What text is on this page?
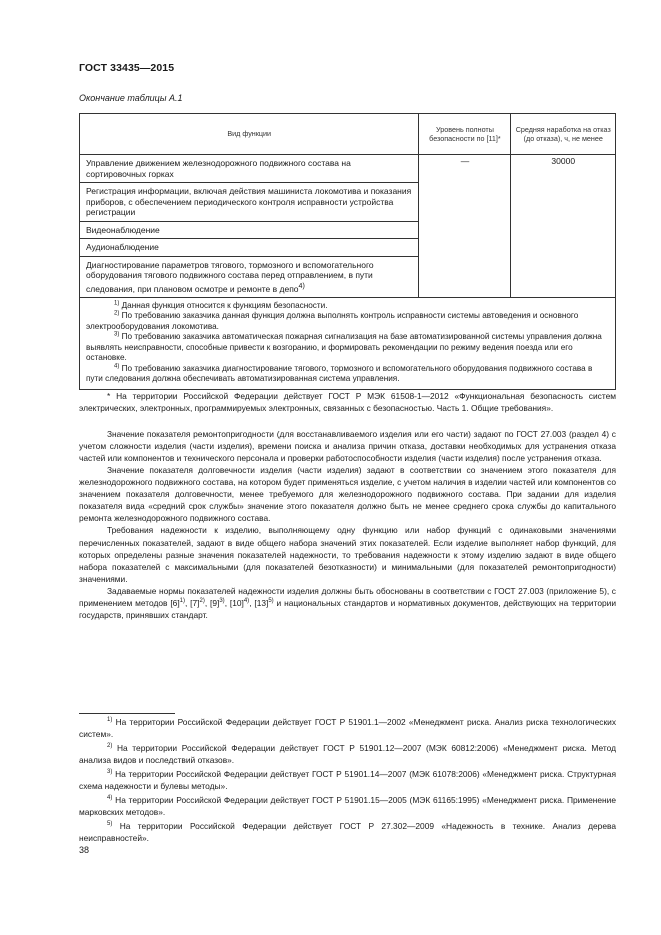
ГОСТ 33435—2015
Окончание таблицы А.1
Вид функции	Уровень полноты безопасности по [11]*	Средняя наработка на отказ (до отказа), ч, не менее
Управление движением железнодорожного подвижного состава на сортировочных горках	—	30000
Регистрация информации, включая действия машиниста локомотива и показания приборов, с обеспечением периодического контроля исправности устройства регистрации		
Видеонаблюдение		
Аудионаблюдение		
Диагностирование параметров тягового, тормозного и вспомогательного оборудования тягового подвижного состава перед отправлением, в пути следования, при плановом осмотре и ремонте в депо$^{4)}$

$^{1)}$ Данная функция относится к функциям безопасности.
$^{2)}$ По требованию заказчика данная функция должна выполнять контроль исправности системы автоведения и основного электрооборудования локомотива.
$^{3)}$ По требованию заказчика автоматическая пожарная сигнализация на базе автоматизированной системы управления должна выявлять неисправности, способные привести к возгоранию, и формировать рекомендации по режиму ведения поезда или его остановке.
$^{4)}$ По требованию заказчика диагностирование тягового, тормозного и вспомогательного оборудования подвижного состава в пути следования должна обеспечивать автоматизированная система управления.		

* На территории Российской Федерации действует ГОСТ Р МЭК 61508-1—2012 «Функциональная безопасность систем электрических, электронных, программируемых электронных, связанных с безопасностью. Часть 1. Общие требования».

Значение показателя ремонтопригодности (для восстанавливаемого изделия или его части) задают по ГОСТ 27.003 (раздел 4) с учетом сложности изделия (части изделия), времени поиска и анализа причин отказа, доставки необходимых для устранения отказа частей или компонентов и технического персонала и проверки работоспособности изделия (части изделия) после устранения отказа.

Значение показателя долговечности изделия (части изделия) задают в соответствии со значением этого показателя для железнодорожного подвижного состава, на котором будет применяться изделие, с учетом наличия в изделии частей или компонентов со значением показателя долговечности, менее требуемого для железнодорожного подвижного состава. При задании для изделия показателя вида «средний срок службы» значение этого показателя должно быть не менее среднего срока службы до капитального ремонта железнодорожного подвижного состава.

Требования надежности к изделию, выполняющему одну функцию или набор функций с одинаковыми значениями перечисленных показателей, задают в виде общего набора значений этих показателей. Если изделие выполняет набор функций, для которых определены разные значения показателей надежности, то требования надежности к этому изделию задают в виде общего набора показателей с максимальными (для показателей безотказности) и минимальными (для показателей ремонтопригодности) значениями.

Задаваемые нормы показателей надежности изделия должны быть обоснованы в соответствии с ГОСТ 27.003 (приложение 5), с применением методов $[6]^{1)}$, $[7]^{2)}$, $[9]^{3)}$, $[10]^{4)}$, $[13]^{5)}$ и национальных стандартов и нормативных документов, действующих на территории государств, принявших стандарт.

$^{1)}$ На территории Российской Федерации действует ГОСТ Р 51901.1—2002 «Менеджмент риска. Анализ риска технологических систем».

$^{2)}$ На территории Российской Федерации действует ГОСТ Р 51901.12—2007 (МЭК 60812:2006) «Менеджмент риска. Метод анализа видов и последствий отказов».

$^{3)}$ На территории Российской Федерации действует ГОСТ Р 51901.14—2007 (МЭК 61078:2006) «Менеджмент риска. Структурная схема надежности и булевы методы».

$^{4)}$ На территории Российской Федерации действует ГОСТ Р 51901.15—2005 (МЭК 61165:1995) «Менеджмент риска. Применение марковских методов».

$^{5)}$ На территории Российской Федерации действует ГОСТ Р 27.302—2009 «Надежность в технике. Анализ дерева неисправностей».

38
